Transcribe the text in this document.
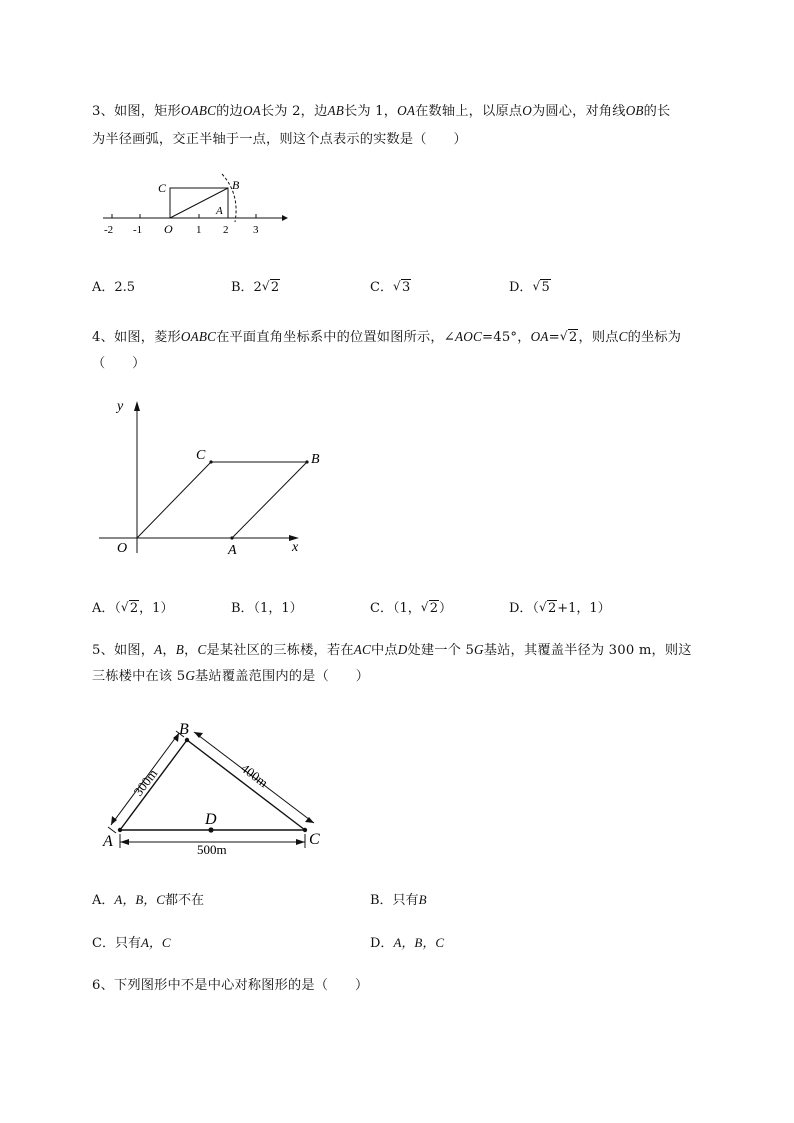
3、如图，矩形OABC的边OA长为 2，边AB长为 1，OA在数轴上，以原点O为圆心，对角线OB的长
为半径画弧，交正半轴于一点，则这个点表示的实数是（　　）
C	B
A
O
-2 -1	1 2 3
A．2.5	B．2 √ 2	C． √ 3	D． √ 5
4、如图，菱形OABC在平面直角坐标系中的位置如图所示，∠AOC=45°，OA= √ 2，则点C的坐标为
（　　）
y
x
O	A
C	B
A．（ √ 2，1）	B．（1，1）	C．（1， √ 2）	D．（ √ 2+1，1）
5、如图，A，B，C是某社区的三栋楼，若在AC中点D处建一个 5G基站，其覆盖半径为 300 m，则这
三栋楼中在该 5G基站覆盖范围内的是（　　）
A
B
C
D
300m	400m
500m
A．A，B，C都不在	B．只有B
C．只有A，C	D．A，B，C
6、下列图形中不是中心对称图形的是（　　）
